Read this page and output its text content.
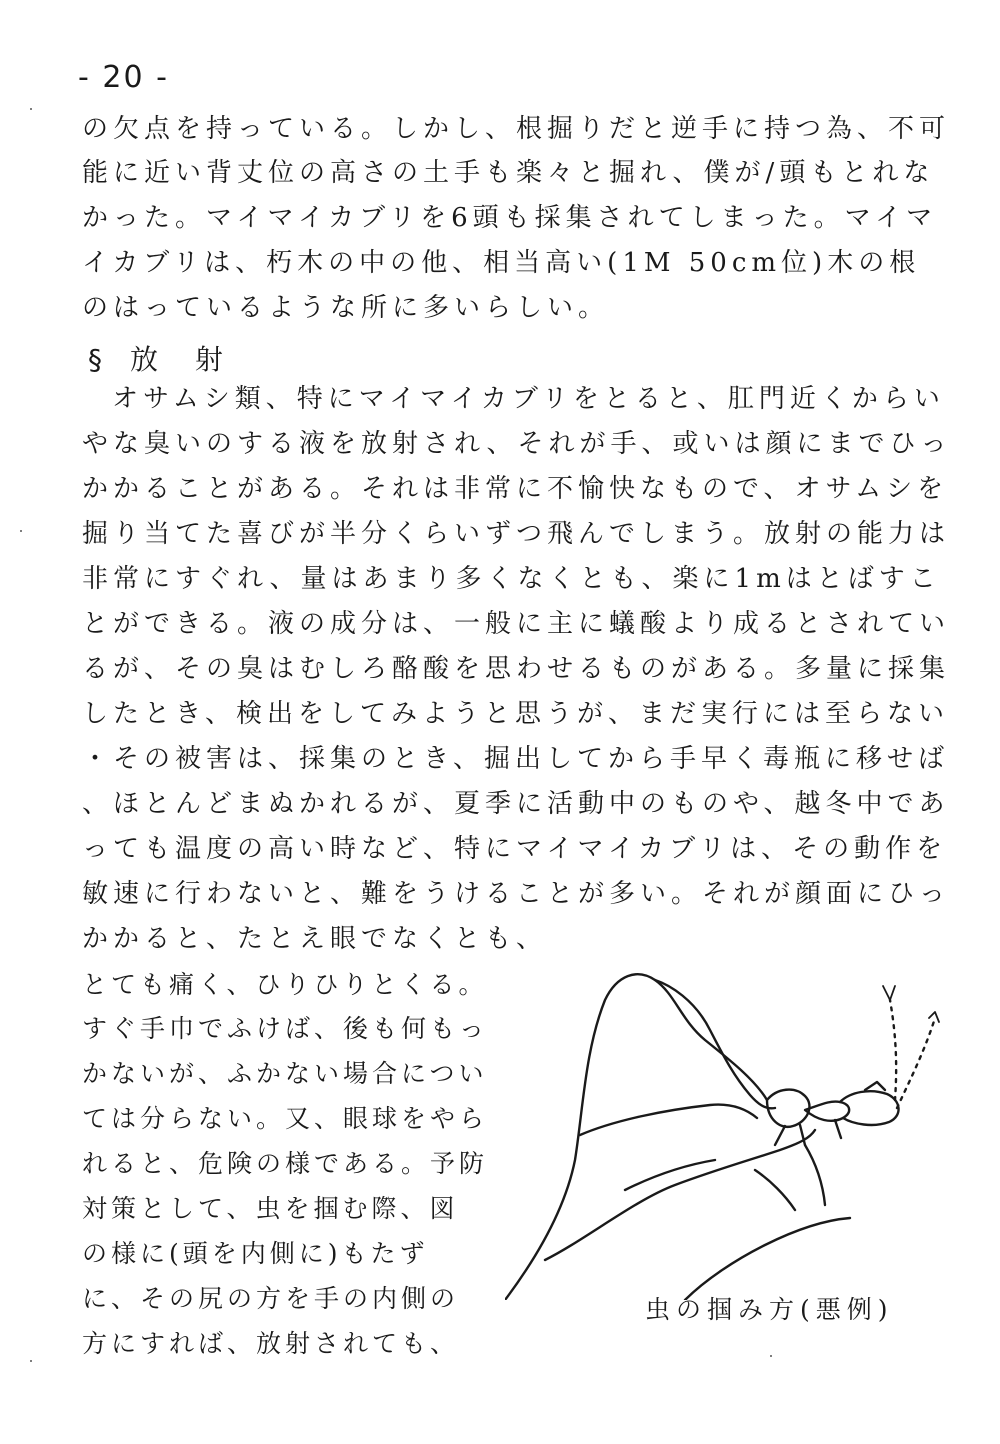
- 20 -
の欠点を持っている。しかし、根掘りだと逆手に持つ為、不可
能に近い背丈位の高さの土手も楽々と掘れ、僕が/頭もとれな
かった。マイマイカブリを6頭も採集されてしまった。マイマ
イカブリは、朽木の中の他、相当高い(1M 50cm位)木の根
のはっているような所に多いらしい。
§ 放 射
オサムシ類、特にマイマイカブリをとると、肛門近くからい
やな臭いのする液を放射され、それが手、或いは顔にまでひっ
かかることがある。それは非常に不愉快なもので、オサムシを
掘り当てた喜びが半分くらいずつ飛んでしまう。放射の能力は
非常にすぐれ、量はあまり多くなくとも、楽に1mはとばすこ
とができる。液の成分は、一般に主に蟻酸より成るとされてい
るが、その臭はむしろ酪酸を思わせるものがある。多量に採集
したとき、検出をしてみようと思うが、まだ実行には至らない
・その被害は、採集のとき、掘出してから手早く毒瓶に移せば
、ほとんどまぬかれるが、夏季に活動中のものや、越冬中であ
っても温度の高い時など、特にマイマイカブリは、その動作を
敏速に行わないと、難をうけることが多い。それが顔面にひっ
かかると、たとえ眼でなくとも、
とても痛く、ひりひりとくる。
すぐ手巾でふけば、後も何もっ
かないが、ふかない場合につい
ては分らない。又、眼球をやら
れると、危険の様である。予防
対策として、虫を掴む際、図
の様に(頭を内側に)もたず
に、その尻の方を手の内側の
方にすれば、放射されても、
虫の掴み方(悪例)
